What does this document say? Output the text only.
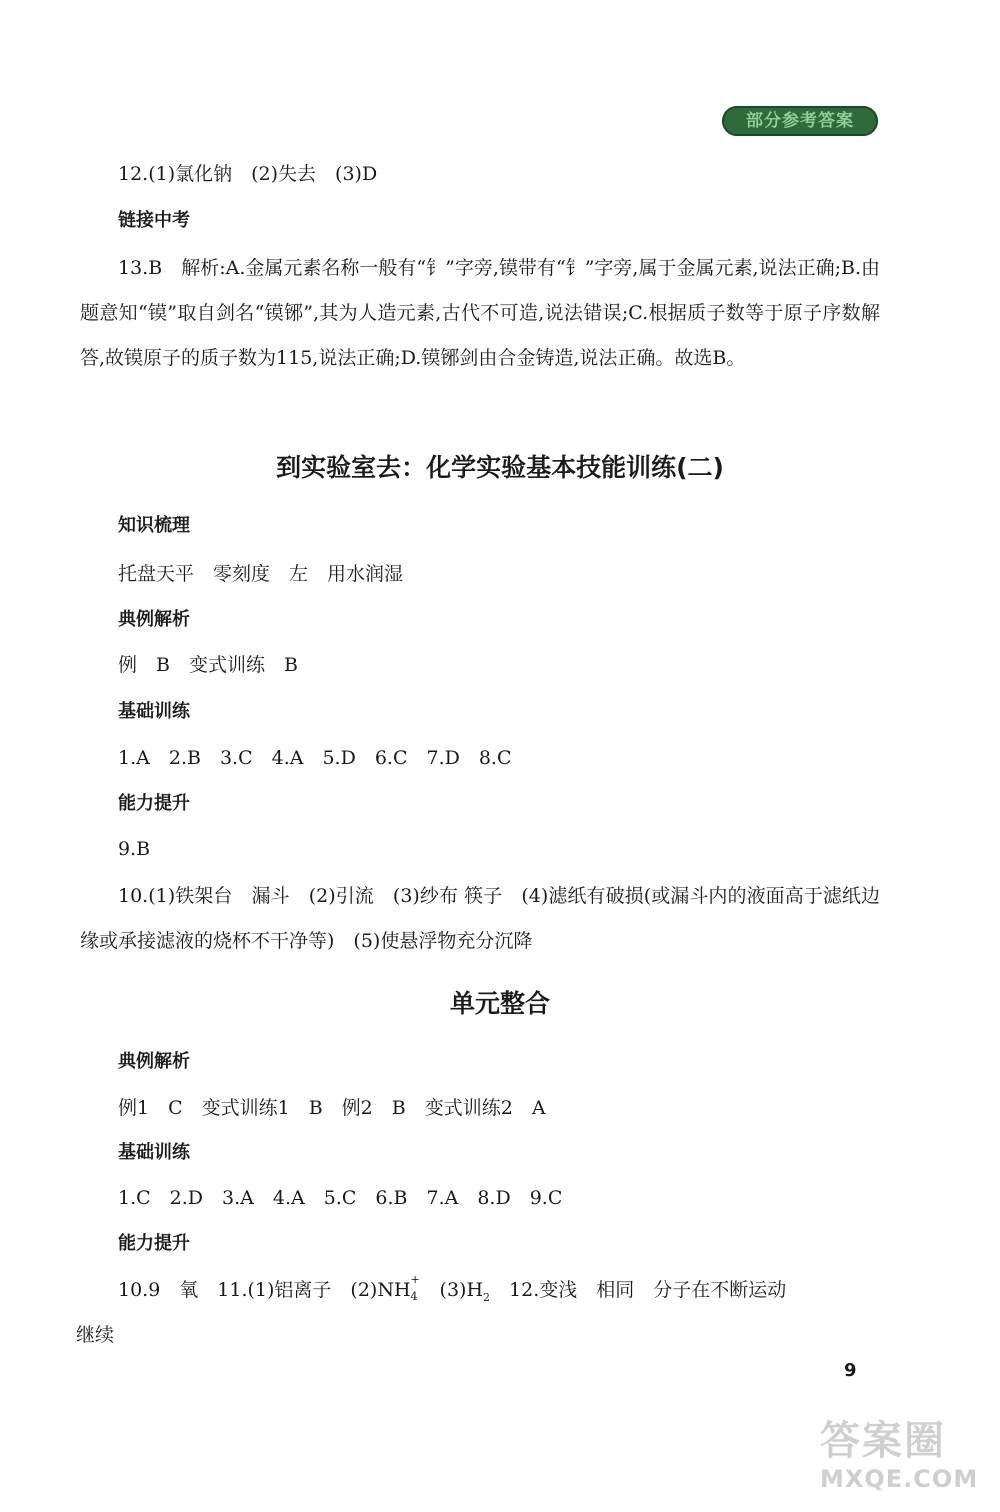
部分参考答案
12.(1)氯化钠　(2)失去　(3)D
链接中考
13.B　解析:A.金属元素名称一般有“钅”字旁,镆带有“钅”字旁,属于金属元素,说法正确;B.由题意知“镆”取自剑名“镆铘”,其为人造元素,古代不可造,说法错误;C.根据质子数等于原子序数解答,故镆原子的质子数为115,说法正确;D.镆铘剑由合金铸造,说法正确。故选B。
到实验室去：化学实验基本技能训练(二)
知识梳理
托盘天平　零刻度　左　用水润湿
典例解析
例　B　变式训练　B
基础训练
1.A　2.B　3.C　4.A　5.D　6.C　7.D　8.C
能力提升
9.B
10.(1)铁架台　漏斗　(2)引流　(3)纱布 筷子　(4)滤纸有破损(或漏斗内的液面高于滤纸边缘或承接滤液的烧杯不干净等)　(5)使悬浮物充分沉降
单元整合
典例解析
例1　C　变式训练1　B　例2　B　变式训练2　A
基础训练
1.C　2.D　3.A　4.A　5.C　6.B　7.A　8.D　9.C
能力提升
10.9　氧　11.(1)铝离子　(2)NH +
4 　$(3)H_2$　12.变浅　相同　分子在不断运动
继续
9
答案圈
MXQE.COM
